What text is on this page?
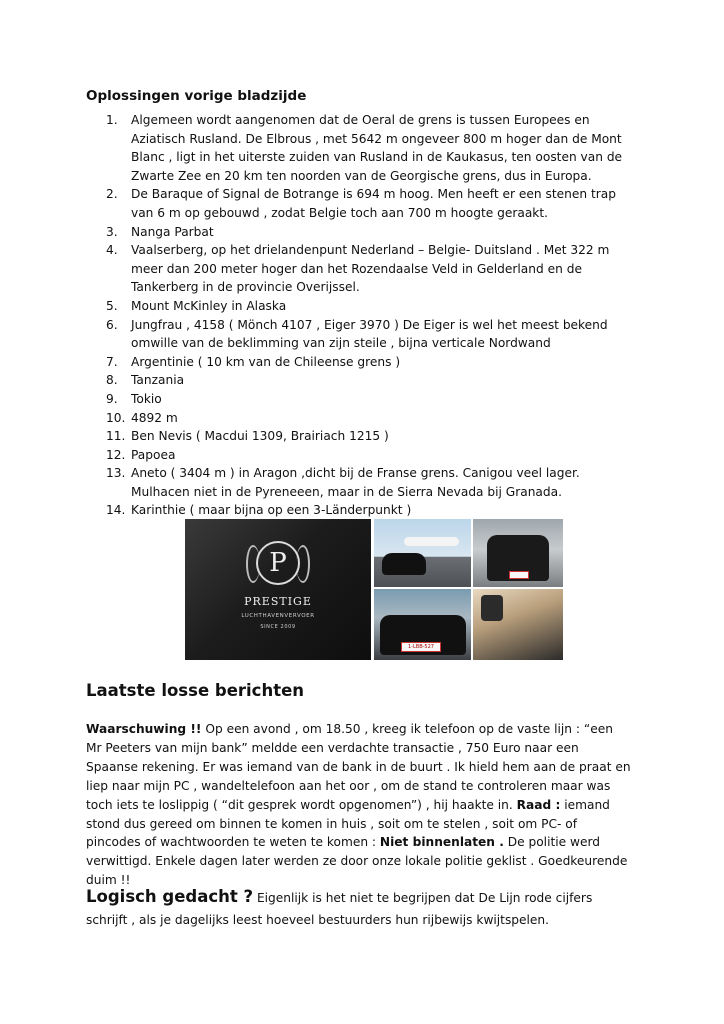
Oplossingen vorige bladzijde
1.	Algemeen wordt aangenomen dat de Oeral de grens is tussen Europees en
Aziatisch Rusland. De Elbrous , met 5642 m ongeveer 800 m hoger dan de Mont
Blanc , ligt in het uiterste zuiden van Rusland in de Kaukasus, ten oosten van de
Zwarte Zee en 20 km ten noorden van de Georgische grens, dus in Europa.
2.	De Baraque of Signal de Botrange is 694 m hoog. Men heeft er een stenen trap
van 6 m op gebouwd , zodat Belgie toch aan 700 m hoogte geraakt.
3.	Nanga Parbat
4.	Vaalserberg, op het drielandenpunt Nederland – Belgie- Duitsland . Met 322 m
meer dan 200 meter hoger dan het Rozendaalse Veld in Gelderland en de
Tankerberg in de provincie Overijssel.
5.	Mount McKinley in Alaska
6.	Jungfrau , 4158 ( Mönch 4107 , Eiger 3970 ) De Eiger is wel het meest bekend
omwille van de beklimming van zijn steile , bijna verticale Nordwand
7.	Argentinie ( 10 km van de Chileense grens )
8.	Tanzania
9.	Tokio
10. 4892 m
11. Ben Nevis ( Macdui 1309, Brairiach 1215 )
12. Papoea
13. Aneto ( 3404 m ) in Aragon ,dicht bij de Franse grens. Canigou veel lager.
Mulhacen niet in de Pyreneeen, maar in de Sierra Nevada bij Granada.
14. Karinthie ( maar bijna op een 3-Länderpunkt )
P
PRESTIGE
LUCHTHAVENVERVOER
SINCE 2009
1-LBB-527
Laatste losse berichten

Waarschuwing !! Op een avond , om 18.50 , kreeg ik telefoon op de vaste lijn : “een Mr Peeters van mijn bank” meldde een verdachte transactie , 750 Euro naar een Spaanse rekening. Er was iemand van de bank in de buurt . Ik hield hem aan de praat en liep naar mijn PC , wandeltelefoon aan het oor , om de stand te controleren maar was toch iets te loslippig ( “dit gesprek wordt opgenomen”) , hij haakte in. Raad : iemand stond dus gereed om binnen te komen in huis , soit om te stelen , soit om PC- of pincodes of wachtwoorden te weten te komen : Niet binnenlaten . De politie werd verwittigd. Enkele dagen later werden ze door onze lokale politie geklist . Goedkeurende duim !!

Logisch gedacht ? Eigenlijk is het niet te begrijpen dat De Lijn rode cijfers schrijft , als je dagelijks leest hoeveel bestuurders hun rijbewijs kwijtspelen.
